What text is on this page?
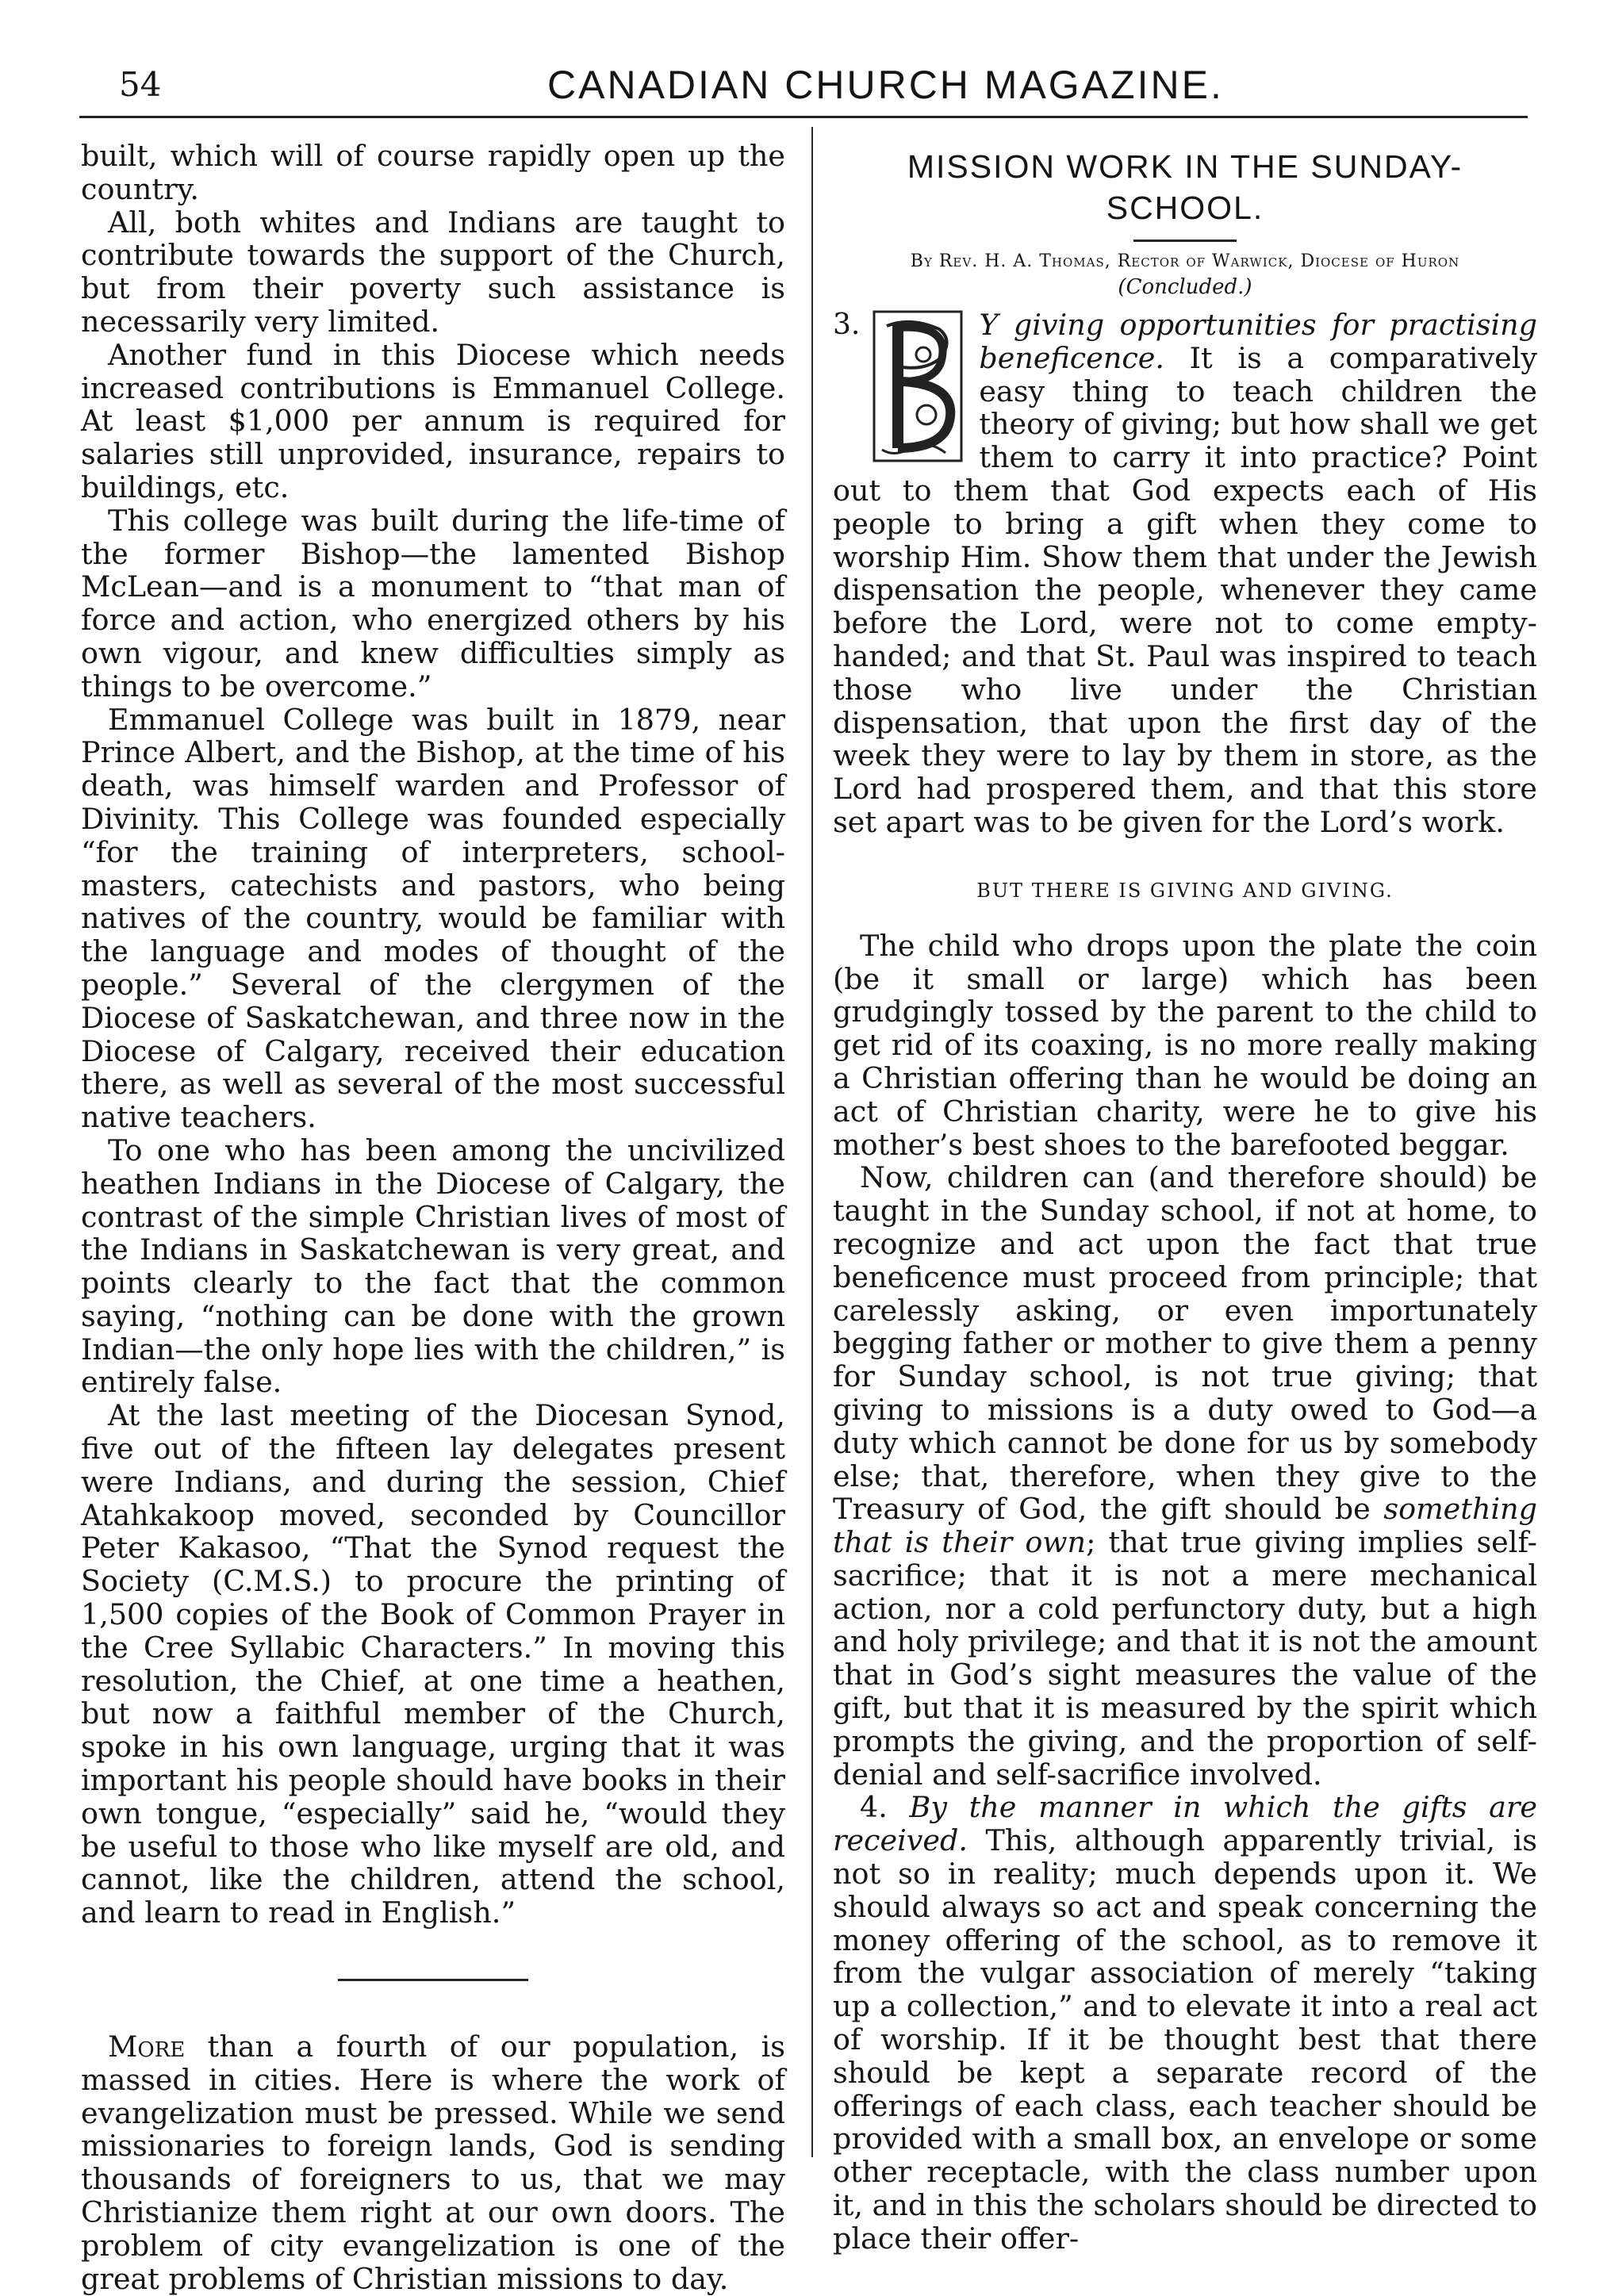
54	CANADIAN CHURCH MAGAZINE.

built, which will of course rapidly open up the country.

All, both whites and Indians are taught to contribute towards the support of the Church, but from their poverty such assistance is necessarily very limited.

Another fund in this Diocese which needs increased contributions is Emmanuel College. At least $1,000 per annum is required for salaries still unprovided, insurance, repairs to buildings, etc.

This college was built during the life-time of the former Bishop—the lamented Bishop McLean—and is a monument to “that man of force and action, who energized others by his own vigour, and knew difficulties simply as things to be overcome.”

Emmanuel College was built in 1879, near Prince Albert, and the Bishop, at the time of his death, was himself warden and Professor of Divinity. This College was founded especially “for the training of interpreters, school-masters, catechists and pastors, who being natives of the country, would be familiar with the language and modes of thought of the people.” Several of the clergymen of the Diocese of Saskatchewan, and three now in the Diocese of Calgary, received their education there, as well as several of the most successful native teachers.

To one who has been among the uncivilized heathen Indians in the Diocese of Calgary, the contrast of the simple Christian lives of most of the Indians in Saskatchewan is very great, and points clearly to the fact that the common saying, “nothing can be done with the grown Indian—the only hope lies with the children,” is entirely false.

At the last meeting of the Diocesan Synod, five out of the fifteen lay delegates present were Indians, and during the session, Chief Atahkakoop moved, seconded by Councillor Peter Kakasoo, “That the Synod request the Society (C.M.S.) to procure the printing of 1,500 copies of the Book of Common Prayer in the Cree Syllabic Characters.” In moving this resolution, the Chief, at one time a heathen, but now a faithful member of the Church, spoke in his own language, urging that it was important his people should have books in their own tongue, “especially” said he, “would they be useful to those who like myself are old, and cannot, like the children, attend the school, and learn to read in English.”

More than a fourth of our population, is massed in cities. Here is where the work of evangelization must be pressed. While we send missionaries to foreign lands, God is sending thousands of foreigners to us, that we may Christianize them right at our own doors. The problem of city evangelization is one of the great problems of Christian missions to day.

MISSION WORK IN THE SUNDAY-SCHOOL.
By Rev. H. A. Thomas, Rector of Warwick, Diocese of Huron
(Concluded.)

3.	Y giving opportunities for practising beneficence. It is a comparatively easy thing to teach children the theory of giving; but how shall we get them to carry it into practice? Point out to them that God expects each of His people to bring a gift when they come to worship Him. Show them that under the Jewish dispensation the people, whenever they came before the Lord, were not to come empty-handed; and that St. Paul was inspired to teach those who live under the Christian dispensation, that upon the first day of the week they were to lay by them in store, as the Lord had prospered them, and that this store set apart was to be given for the Lord’s work.

BUT THERE IS GIVING AND GIVING.

The child who drops upon the plate the coin (be it small or large) which has been grudgingly tossed by the parent to the child to get rid of its coaxing, is no more really making a Christian offering than he would be doing an act of Christian charity, were he to give his mother’s best shoes to the barefooted beggar.

Now, children can (and therefore should) be taught in the Sunday school, if not at home, to recognize and act upon the fact that true beneficence must proceed from principle; that carelessly asking, or even importunately begging father or mother to give them a penny for Sunday school, is not true giving; that giving to missions is a duty owed to God—a duty which cannot be done for us by somebody else; that, therefore, when they give to the Treasury of God, the gift should be something that is their own; that true giving implies self-sacrifice; that it is not a mere mechanical action, nor a cold perfunctory duty, but a high and holy privilege; and that it is not the amount that in God’s sight measures the value of the gift, but that it is measured by the spirit which prompts the giving, and the proportion of self-denial and self-sacrifice involved.

4. By the manner in which the gifts are received. This, although apparently trivial, is not so in reality; much depends upon it. We should always so act and speak concerning the money offering of the school, as to remove it from the vulgar association of merely “taking up a collection,” and to elevate it into a real act of worship. If it be thought best that there should be kept a separate record of the offerings of each class, each teacher should be provided with a small box, an envelope or some other receptacle, with the class number upon it, and in this the scholars should be directed to place their offer-
